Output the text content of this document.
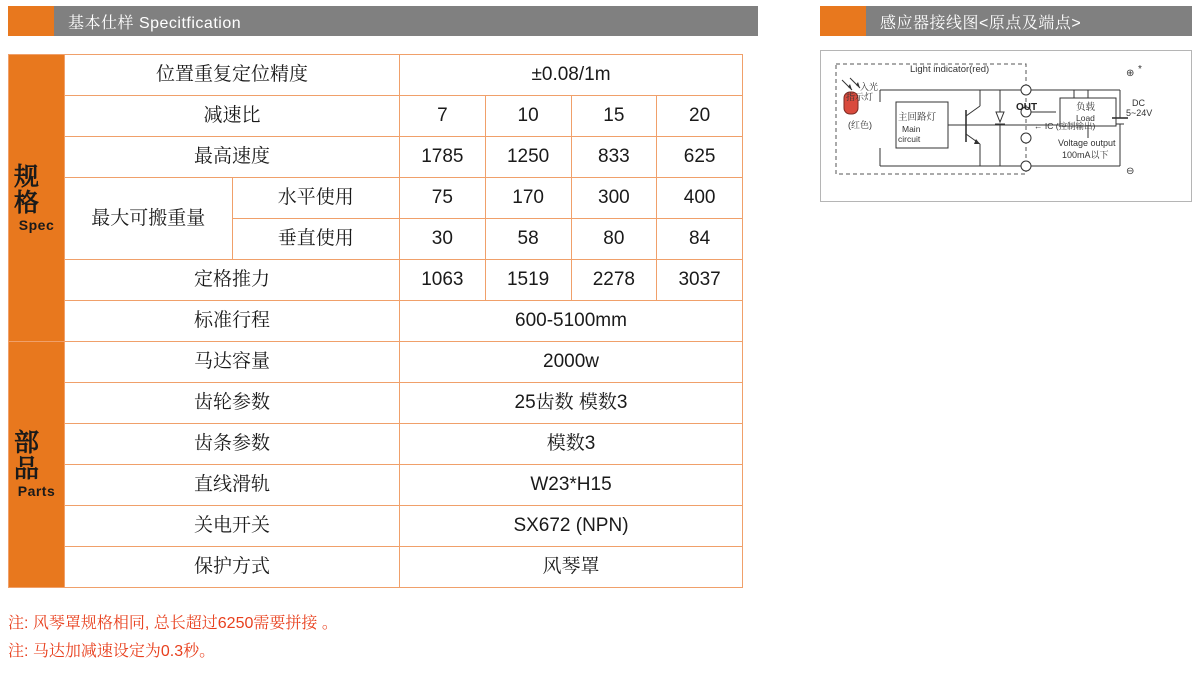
基本仕样 Specitfication	感应器接线图<原点及端点>
规格
Spec	位置重复定位精度		±0.08/1m			
	减速比		7	10	15	20
	最高速度		1785	1250	833	625
	最大可搬重量	水平使用	75	170	300	400
		垂直使用	30	58	80	84
	定格推力		1063	1519	2278	3037
	标准行程		600-5100mm			

部品
Parts	马达容量		2000w			
	齿轮参数		25齿数 模数3			
	齿条参数		模数3			
	直线滑轨		W23*H15			
	关电开关		SX672 (NPN)			
	保护方式		风琴罩			
注: 风琴罩规格相同, 总长超过6250需要拼接 。
注: 马达加减速设定为0.3秒。
⊕
⊖
*
Light indicator(red)
入光
指示灯
(红色)
主回路灯
Main
circuit
OUT
← IC (控制输出)
负载
Load
DC
5~24V
Voltage output
100mA以下
